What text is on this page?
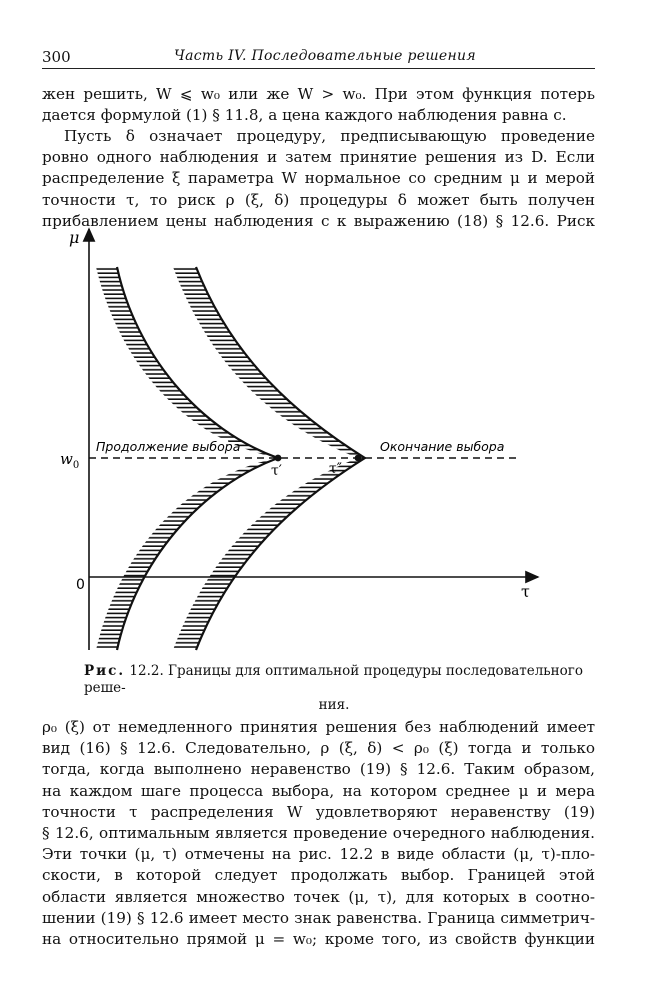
300	Часть IV. Последовательные решения

жен решить, W ⩽ w₀ или же W > w₀. При этом функция потерь
дается формулой (1) § 11.8, а цена каждого наблюдения равна c.

Пусть δ означает процедуру, предписывающую проведение
ровно одного наблюдения и затем принятие решения из D. Если
распределение ξ параметра W нормальное со средним μ и мерой
точности τ, то риск ρ (ξ, δ) процедуры δ может быть получен
прибавлением цены наблюдения c к выражению (18) § 12.6. Риск

μ
τ
0
$w_0$
Продолжение выбора	Окончание выбора
τ′	τ″
Рис. 12.2. Границы для оптимальной процедуры последовательного реше-
ния.

ρ₀ (ξ) от немедленного принятия решения без наблюдений имеет
вид (16) § 12.6. Следовательно, ρ (ξ, δ) < ρ₀ (ξ) тогда и только
тогда, когда выполнено неравенство (19) § 12.6. Таким образом,
на каждом шаге процесса выбора, на котором среднее μ и мера
точности τ распределения W удовлетворяют неравенству (19)
§ 12.6, оптимальным является проведение очередного наблюдения.
Эти точки (μ, τ) отмечены на рис. 12.2 в виде области (μ, τ)-пло-
скости, в которой следует продолжать выбор. Границей этой
области является множество точек (μ, τ), для которых в соотно-
шении (19) § 12.6 имеет место знак равенства. Граница симметрич-
на относительно прямой μ = w₀; кроме того, из свойств функции
